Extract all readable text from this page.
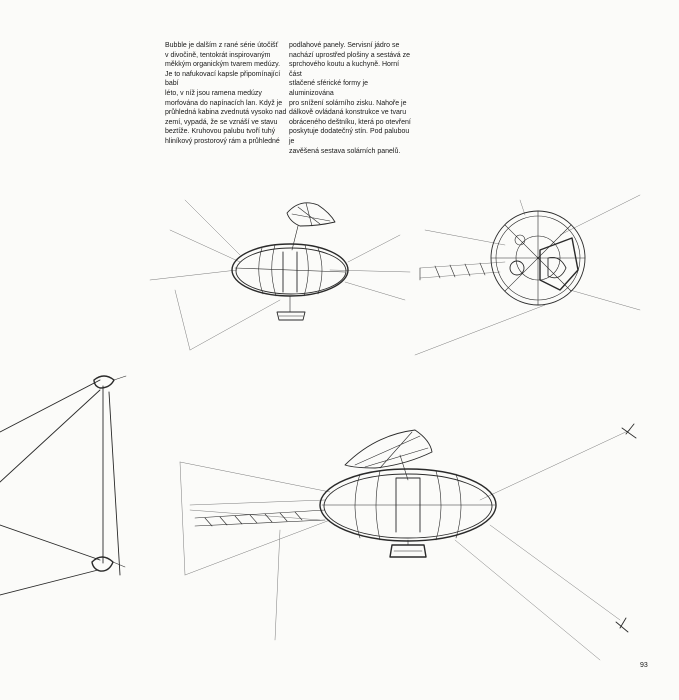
Bubble je dalším z rané série útočišť
v divočině, tentokrát inspirovaným
měkkým organickým tvarem medúzy.
Je to nafukovací kapsle připomínající babí
léto, v níž jsou ramena medúzy
morfována do napínacích lan. Když je
průhledná kabina zvednutá vysoko nad
zemí, vypadá, že se vznáší ve stavu
beztíže. Kruhovou palubu tvoří tuhý
hliníkový prostorový rám a průhledné
podlahové panely. Servisní jádro se
nachází uprostřed plošiny a sestává ze
sprchového koutu a kuchyně. Horní část
stlačené sférické formy je aluminizována
pro snížení solárního zisku. Nahoře je
dálkově ovládaná konstrukce ve tvaru
obráceného deštníku, která po otevření
poskytuje dodatečný stín. Pod palubou je
zavěšená sestava solárních panelů.
93
